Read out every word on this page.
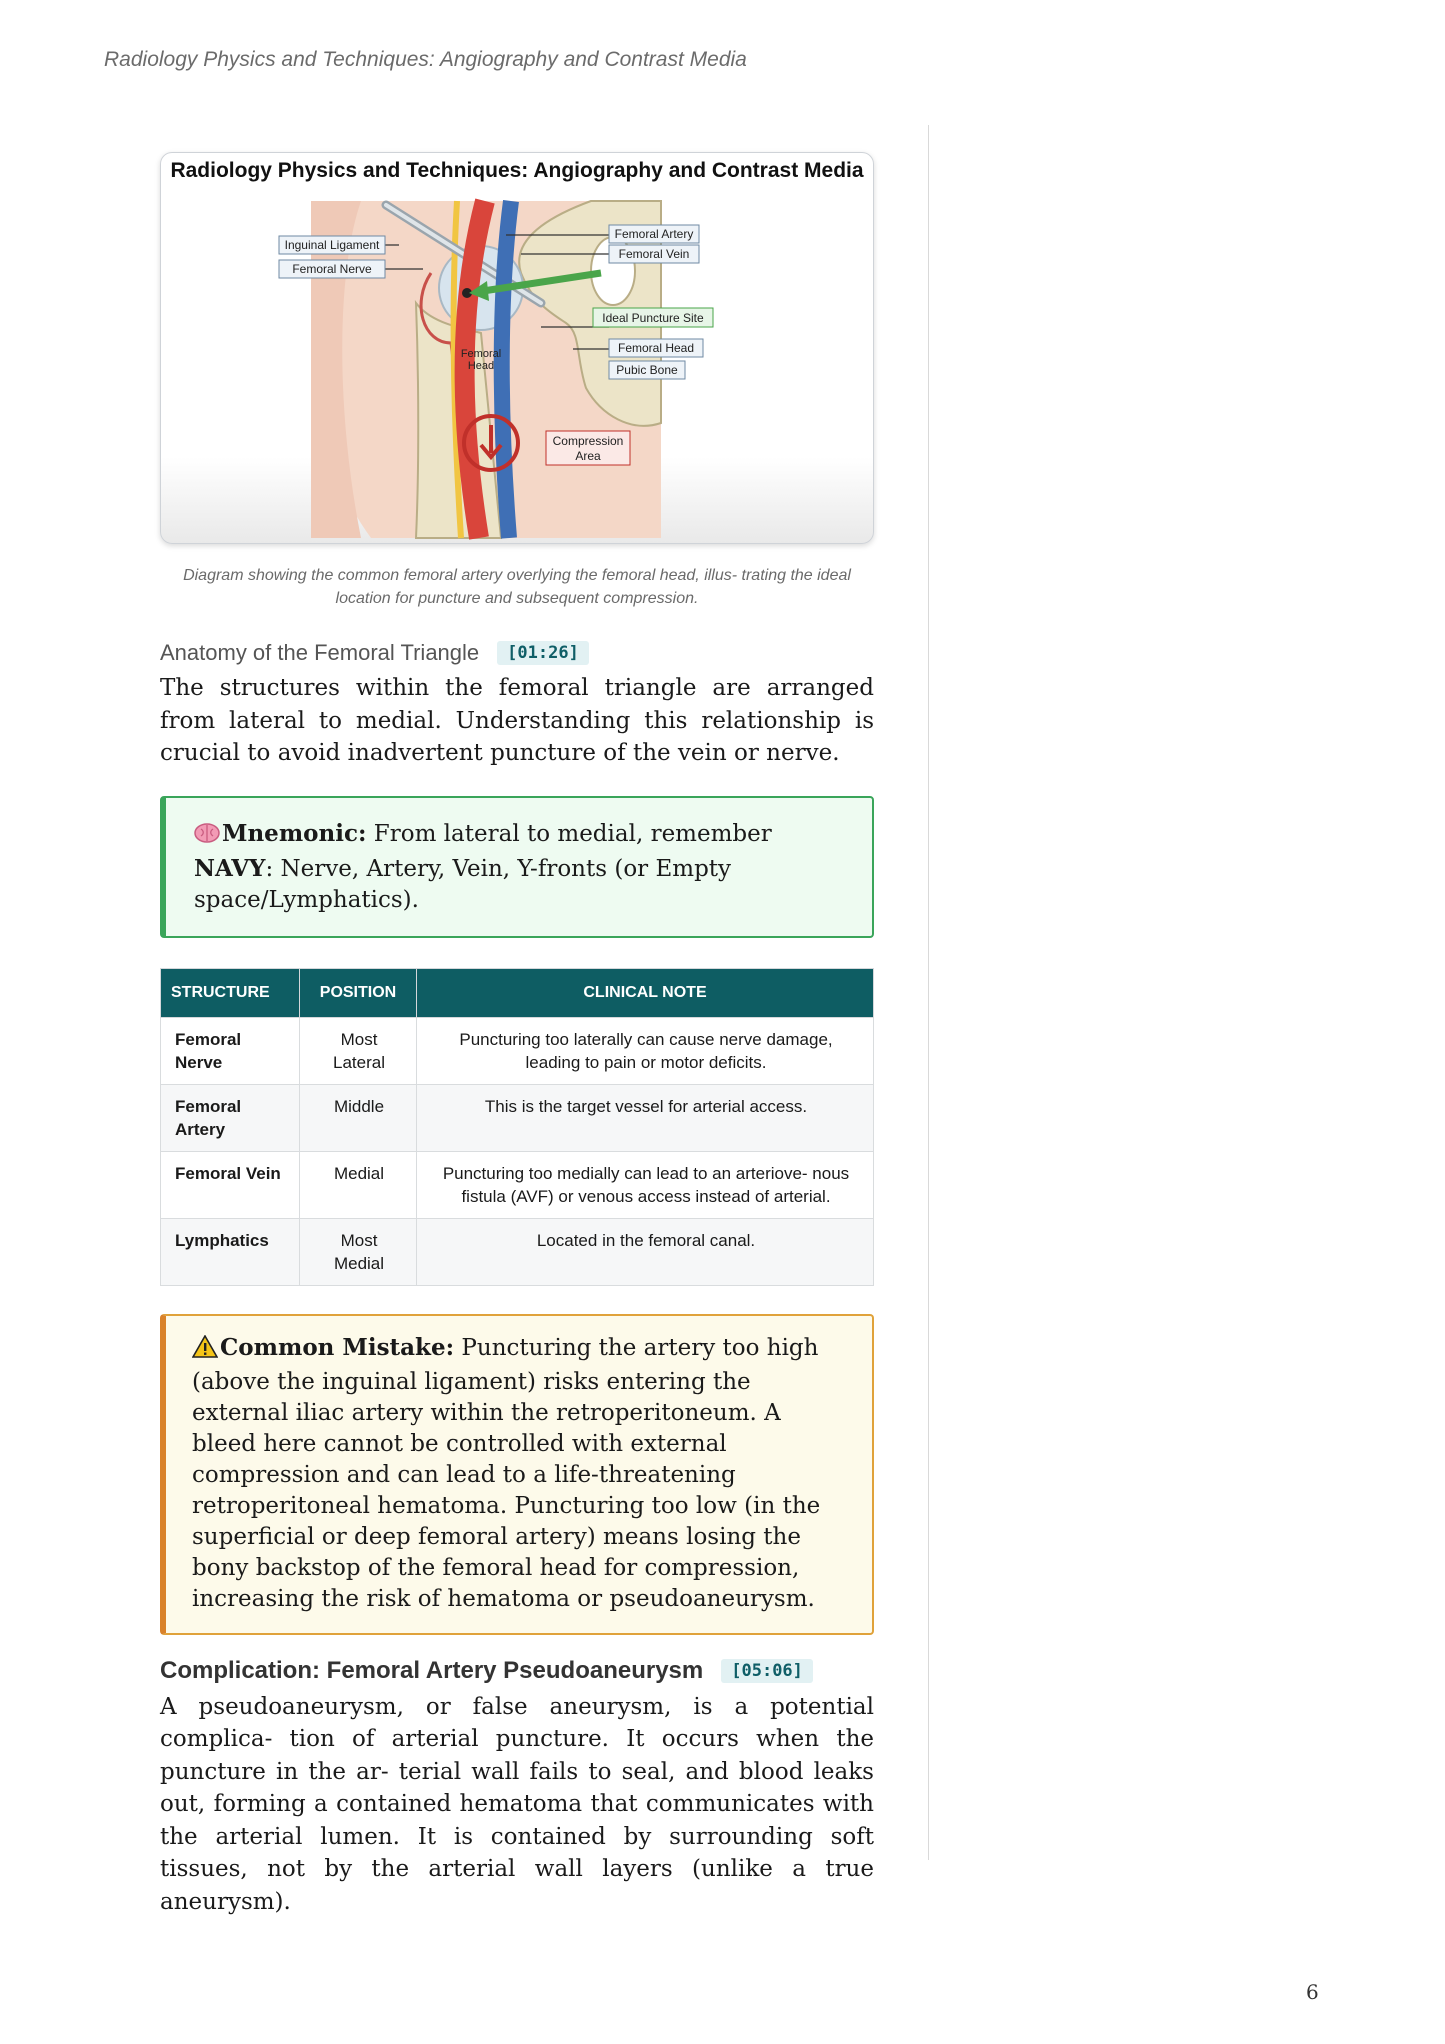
Radiology Physics and Techniques: Angiography and Contrast Media
Femoral Artery
Femoral Vein
Inguinal Ligament
Femoral Nerve
Ideal Puncture Site
Femoral Head
Pubic Bone
Femoral
Head
Compression
Area
Radiology Physics and Techniques: Angiography and Contrast Media

Diagram showing the common femoral artery overlying the femoral head, illus- trating the ideal location for puncture and subsequent compression.

Anatomy of the Femoral Triangle	[01:26]

The structures within the femoral triangle are arranged from lateral to medial. Understanding this relationship is crucial to avoid inadvertent puncture of the vein or nerve.

Mnemonic: From lateral to medial, remember NAVY: Nerve, Artery, Vein, Y-fronts (or Empty space/Lymphatics).
STRUCTURE	POSITION	CLINICAL NOTE
Femoral Nerve	Most Lateral	Puncturing too laterally can cause nerve damage, leading to pain or motor deficits.
Femoral Artery	Middle	This is the target vessel for arterial access.
Femoral Vein	Medial	Puncturing too medially can lead to an arteriove- nous fistula (AVF) or venous access instead of arterial.
Lymphatics	Most Medial	Located in the femoral canal.
Common Mistake: Puncturing the artery too high (above the inguinal ligament) risks entering the external iliac artery within the retroperitoneum. A bleed here cannot be controlled with external compression and can lead to a life-threatening retroperitoneal hematoma. Puncturing too low (in the superficial or deep femoral artery) means losing the bony backstop of the femoral head for compression, increasing the risk of hematoma or pseudoaneurysm.
Complication: Femoral Artery Pseudoaneurysm	[05:06]

A pseudoaneurysm, or false aneurysm, is a potential complica- tion of arterial puncture. It occurs when the puncture in the ar- terial wall fails to seal, and blood leaks out, forming a contained hematoma that communicates with the arterial lumen. It is contained by surrounding soft tissues, not by the arterial wall layers (unlike a true aneurysm).

6
